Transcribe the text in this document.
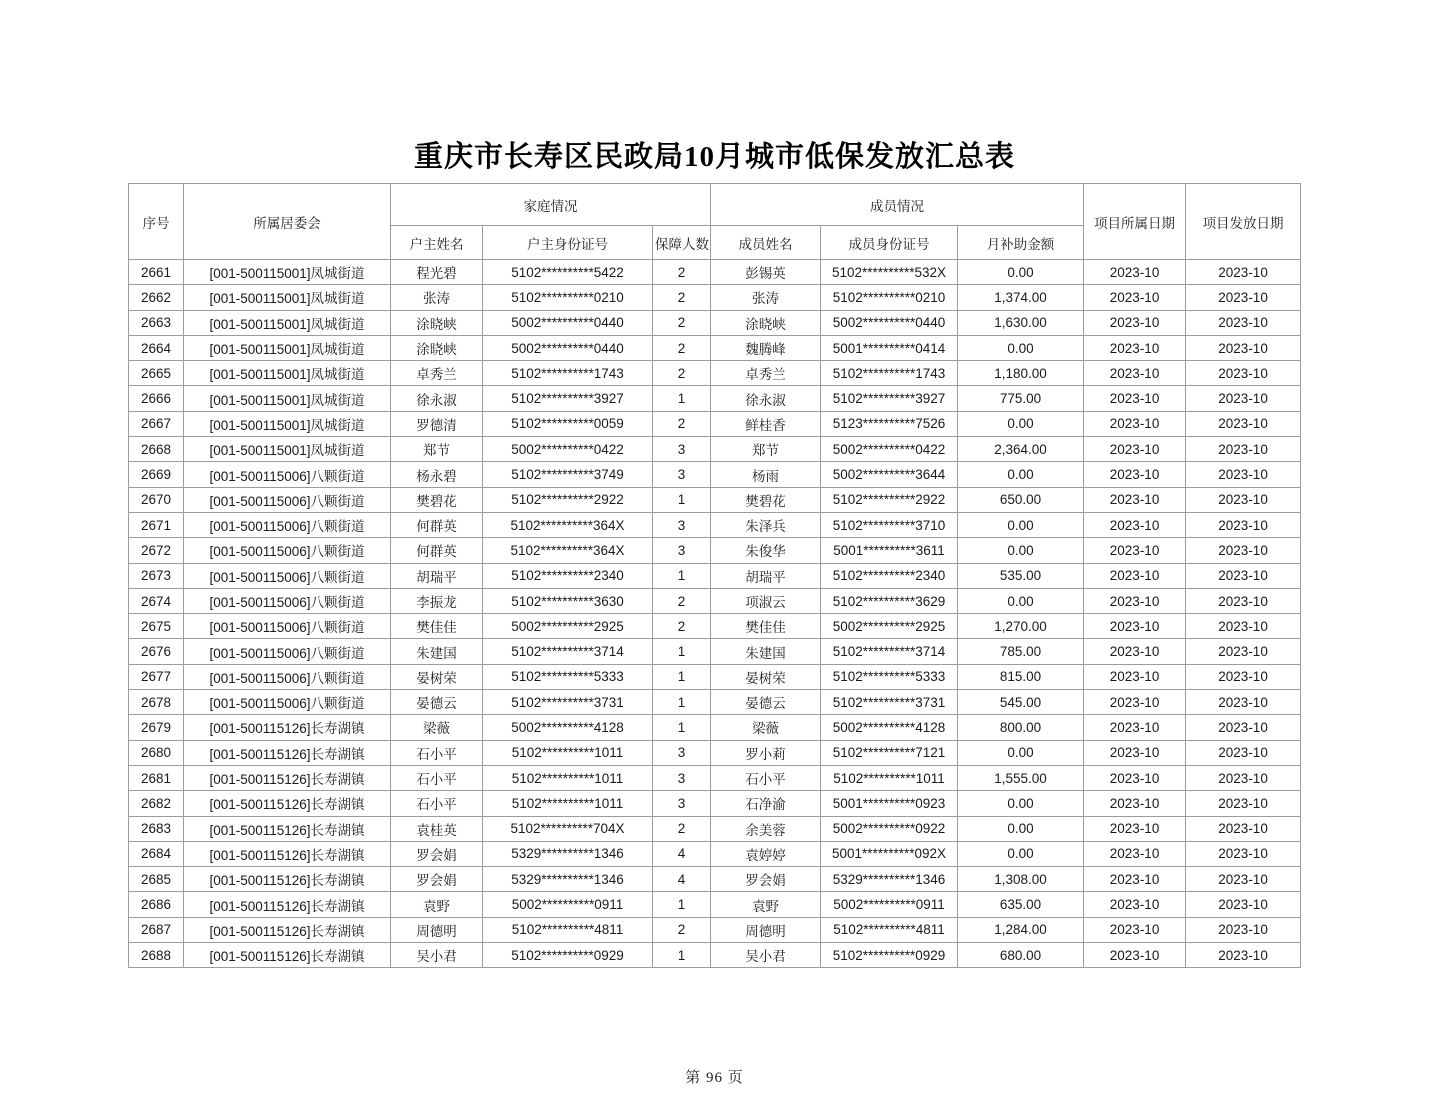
重庆市长寿区民政局10月城市低保发放汇总表
序号	所属居委会	家庭情况			成员情况			项目所属日期	项目发放日期
		户主姓名	户主身份证号	保障人数	成员姓名	成员身份证号	月补助金额		
2661	[001-500115001]凤城街道	程光碧	5102**********5422	2	彭锡英	5102**********532X	0.00	2023-10	2023-10
2662	[001-500115001]凤城街道	张涛	5102**********0210	2	张涛	5102**********0210	1,374.00	2023-10	2023-10
2663	[001-500115001]凤城街道	涂晓峡	5002**********0440	2	涂晓峡	5002**********0440	1,630.00	2023-10	2023-10
2664	[001-500115001]凤城街道	涂晓峡	5002**********0440	2	魏腾峰	5001**********0414	0.00	2023-10	2023-10
2665	[001-500115001]凤城街道	卓秀兰	5102**********1743	2	卓秀兰	5102**********1743	1,180.00	2023-10	2023-10
2666	[001-500115001]凤城街道	徐永淑	5102**********3927	1	徐永淑	5102**********3927	775.00	2023-10	2023-10
2667	[001-500115001]凤城街道	罗德清	5102**********0059	2	鲜桂香	5123**********7526	0.00	2023-10	2023-10
2668	[001-500115001]凤城街道	郑节	5002**********0422	3	郑节	5002**********0422	2,364.00	2023-10	2023-10
2669	[001-500115006]八颗街道	杨永碧	5102**********3749	3	杨雨	5002**********3644	0.00	2023-10	2023-10
2670	[001-500115006]八颗街道	樊碧花	5102**********2922	1	樊碧花	5102**********2922	650.00	2023-10	2023-10
2671	[001-500115006]八颗街道	何群英	5102**********364X	3	朱泽兵	5102**********3710	0.00	2023-10	2023-10
2672	[001-500115006]八颗街道	何群英	5102**********364X	3	朱俊华	5001**********3611	0.00	2023-10	2023-10
2673	[001-500115006]八颗街道	胡瑞平	5102**********2340	1	胡瑞平	5102**********2340	535.00	2023-10	2023-10
2674	[001-500115006]八颗街道	李振龙	5102**********3630	2	项淑云	5102**********3629	0.00	2023-10	2023-10
2675	[001-500115006]八颗街道	樊佳佳	5002**********2925	2	樊佳佳	5002**********2925	1,270.00	2023-10	2023-10
2676	[001-500115006]八颗街道	朱建国	5102**********3714	1	朱建国	5102**********3714	785.00	2023-10	2023-10
2677	[001-500115006]八颗街道	晏树荣	5102**********5333	1	晏树荣	5102**********5333	815.00	2023-10	2023-10
2678	[001-500115006]八颗街道	晏德云	5102**********3731	1	晏德云	5102**********3731	545.00	2023-10	2023-10
2679	[001-500115126]长寿湖镇	梁薇	5002**********4128	1	梁薇	5002**********4128	800.00	2023-10	2023-10
2680	[001-500115126]长寿湖镇	石小平	5102**********1011	3	罗小莉	5102**********7121	0.00	2023-10	2023-10
2681	[001-500115126]长寿湖镇	石小平	5102**********1011	3	石小平	5102**********1011	1,555.00	2023-10	2023-10
2682	[001-500115126]长寿湖镇	石小平	5102**********1011	3	石净渝	5001**********0923	0.00	2023-10	2023-10
2683	[001-500115126]长寿湖镇	袁桂英	5102**********704X	2	余美蓉	5002**********0922	0.00	2023-10	2023-10
2684	[001-500115126]长寿湖镇	罗会娟	5329**********1346	4	袁婷婷	5001**********092X	0.00	2023-10	2023-10
2685	[001-500115126]长寿湖镇	罗会娟	5329**********1346	4	罗会娟	5329**********1346	1,308.00	2023-10	2023-10
2686	[001-500115126]长寿湖镇	袁野	5002**********0911	1	袁野	5002**********0911	635.00	2023-10	2023-10
2687	[001-500115126]长寿湖镇	周德明	5102**********4811	2	周德明	5102**********4811	1,284.00	2023-10	2023-10
2688	[001-500115126]长寿湖镇	吴小君	5102**********0929	1	吴小君	5102**********0929	680.00	2023-10	2023-10
第 96 页
